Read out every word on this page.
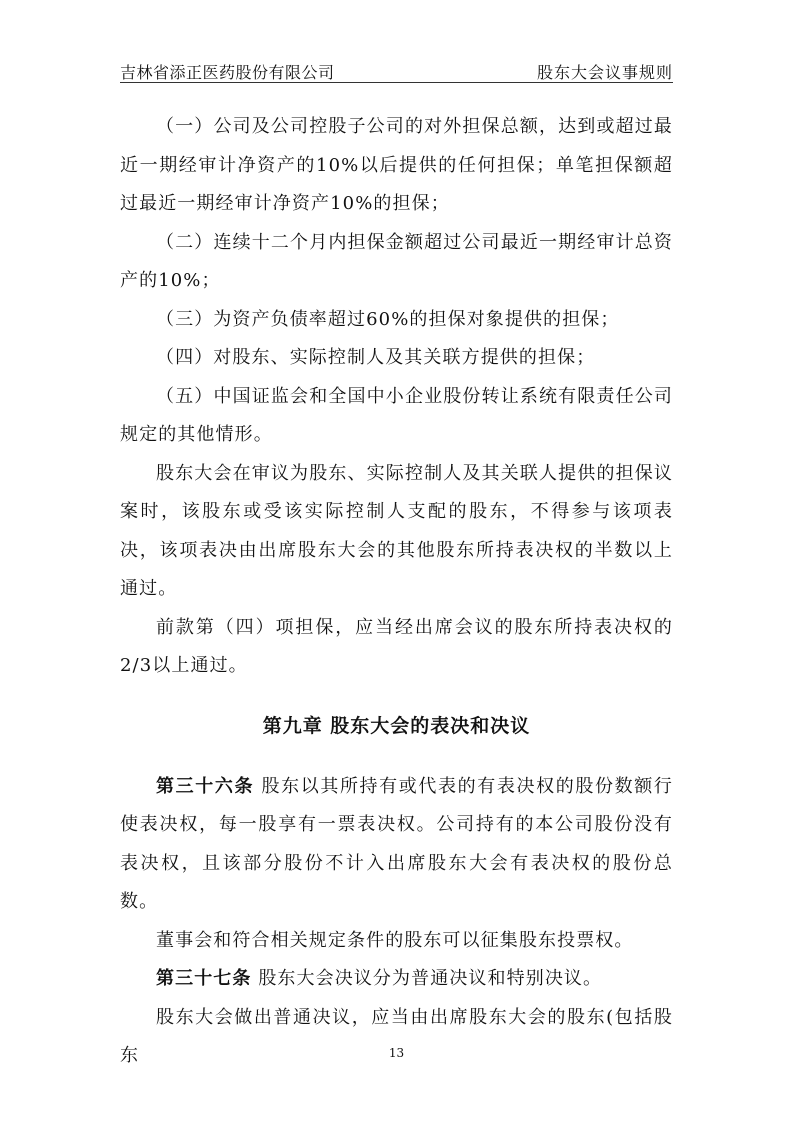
吉林省添正医药股份有限公司	股东大会议事规则

（一）公司及公司控股子公司的对外担保总额，达到或超过最近一期经审计净资产的10%以后提供的任何担保；单笔担保额超过最近一期经审计净资产10%的担保；

（二）连续十二个月内担保金额超过公司最近一期经审计总资产的10%；

（三）为资产负债率超过60%的担保对象提供的担保；

（四）对股东、实际控制人及其关联方提供的担保；

（五）中国证监会和全国中小企业股份转让系统有限责任公司规定的其他情形。

股东大会在审议为股东、实际控制人及其关联人提供的担保议案时，该股东或受该实际控制人支配的股东，不得参与该项表决，该项表决由出席股东大会的其他股东所持表决权的半数以上通过。

前款第（四）项担保，应当经出席会议的股东所持表决权的2/3以上通过。

第九章 股东大会的表决和决议

第三十六条 股东以其所持有或代表的有表决权的股份数额行使表决权，每一股享有一票表决权。公司持有的本公司股份没有表决权，且该部分股份不计入出席股东大会有表决权的股份总数。

董事会和符合相关规定条件的股东可以征集股东投票权。

第三十七条 股东大会决议分为普通决议和特别决议。

股东大会做出普通决议，应当由出席股东大会的股东(包括股东	13
